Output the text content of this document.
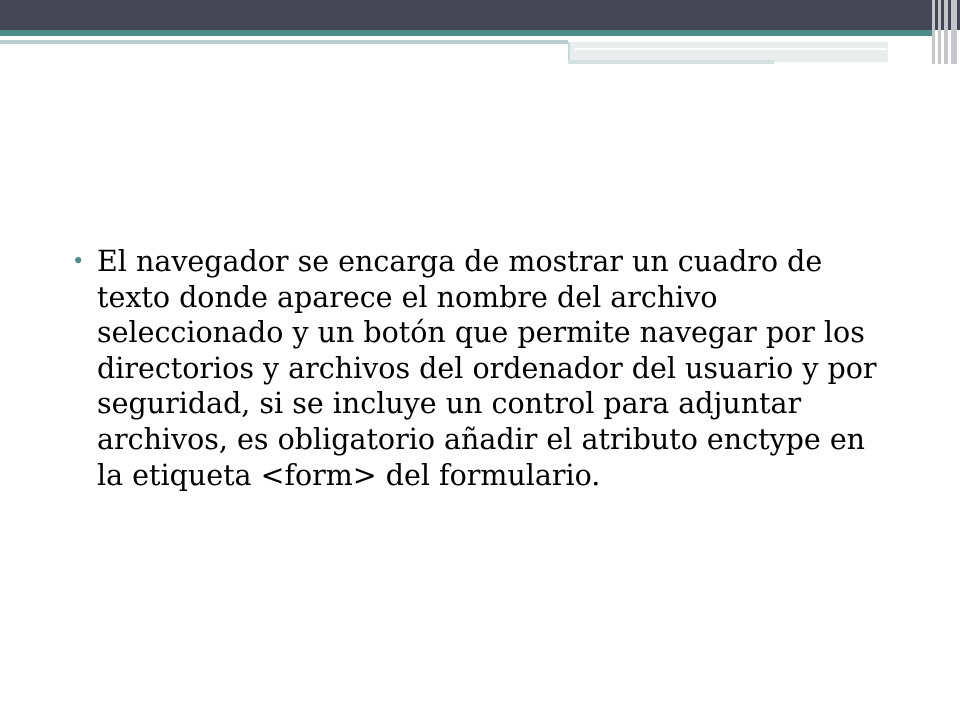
• El navegador se encarga de mostrar un cuadro de texto donde aparece el nombre del archivo seleccionado y un botón que permite navegar por los directorios y archivos del ordenador del usuario y por seguridad, si se incluye un control para adjuntar archivos, es obligatorio añadir el atributo enctype en la etiqueta <form> del formulario.
